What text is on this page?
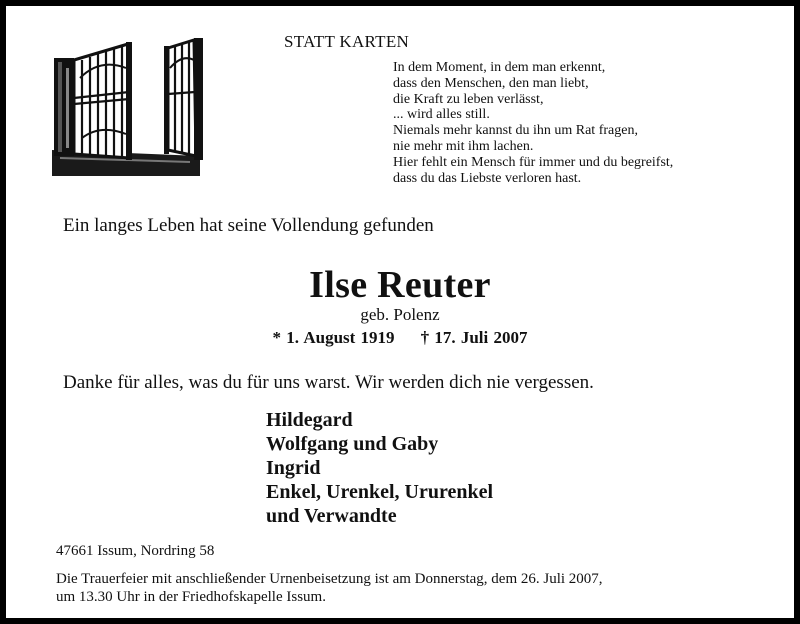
STATT KARTEN
In dem Moment, in dem man erkennt,
dass den Menschen, den man liebt,
die Kraft zu leben verlässt,
... wird alles still.
Niemals mehr kannst du ihn um Rat fragen,
nie mehr mit ihm lachen.
Hier fehlt ein Mensch für immer und du begreifst,
dass du das Liebste verloren hast.
Ein langes Leben hat seine Vollendung gefunden
Ilse Reuter
geb. Polenz
* 1. August 1919 † 17. Juli 2007
Danke für alles, was du für uns warst. Wir werden dich nie vergessen.
Hildegard
Wolfgang und Gaby
Ingrid
Enkel, Urenkel, Ururenkel
und Verwandte
47661 Issum, Nordring 58
Die Trauerfeier mit anschließender Urnenbeisetzung ist am Donnerstag, dem 26. Juli 2007,
um 13.30 Uhr in der Friedhofskapelle Issum.
